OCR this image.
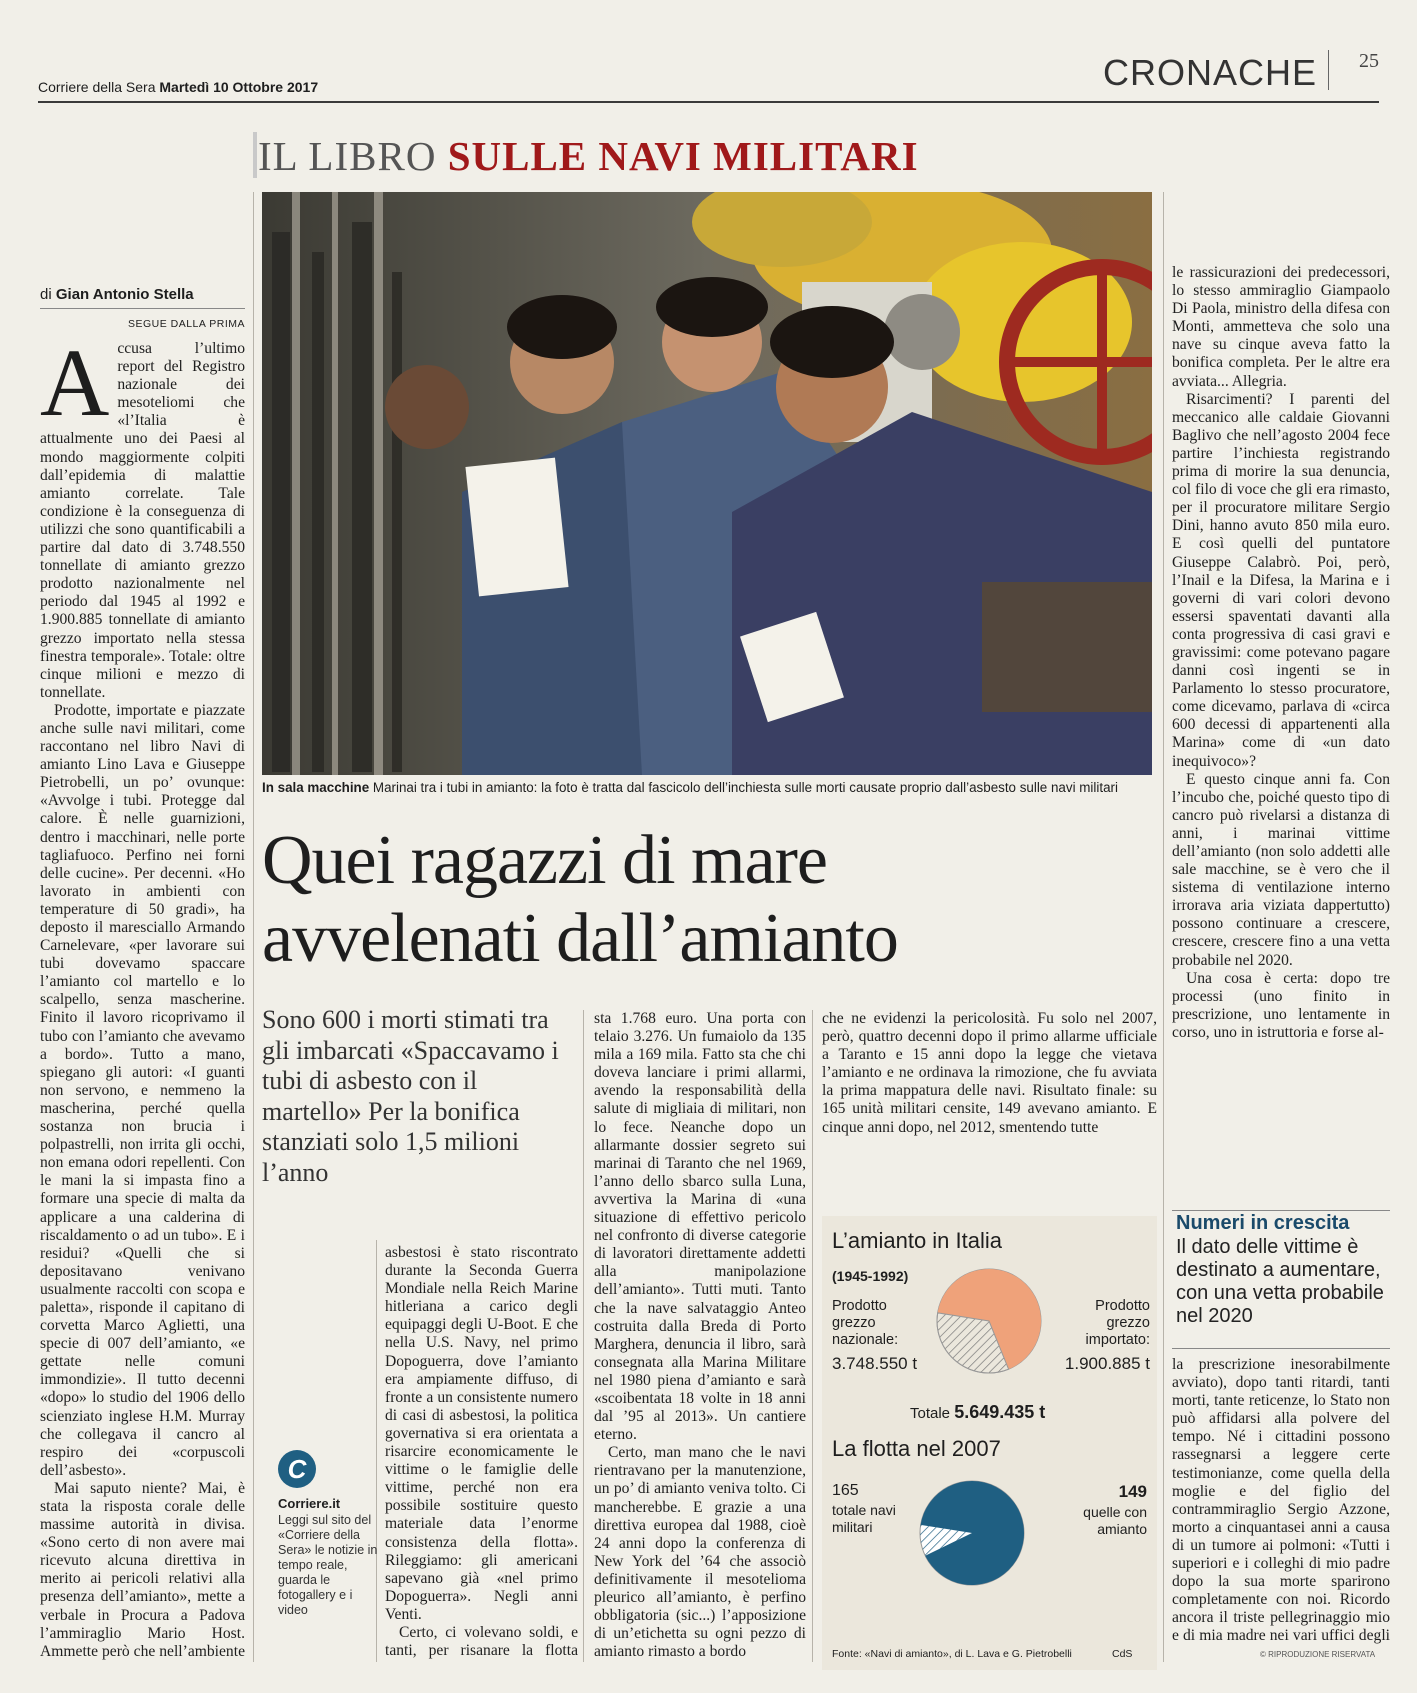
Corriere della Sera Martedì 10 Ottobre 2017	CRONACHE 25
IL LIBRO SULLE NAVI MILITARI
In sala macchine Marinai tra i tubi in amianto: la foto è tratta dal fascicolo dell’inchiesta sulle morti causate proprio dall’asbesto sulle navi militari
di Gian Antonio Stella
SEGUE DALLA PRIMA

Accusa l’ultimo report del Registro nazionale dei mesoteliomi che «l’Italia è attualmente uno dei Paesi al mondo maggiormente colpiti dall’epidemia di malattie amianto correlate. Tale condizione è la conseguenza di utilizzi che sono quantificabili a partire dal dato di 3.748.550 tonnellate di amianto grezzo prodotto nazionalmente nel periodo dal 1945 al 1992 e 1.900.885 tonnellate di amianto grezzo importato nella stessa finestra temporale». Totale: oltre cinque milioni e mezzo di tonnellate.

Prodotte, importate e piazzate anche sulle navi militari, come raccontano nel libro Navi di amianto Lino Lava e Giuseppe Pietrobelli, un po’ ovunque: «Avvolge i tubi. Protegge dal calore. È nelle guarnizioni, dentro i macchinari, nelle porte tagliafuoco. Perfino nei forni delle cucine». Per decenni. «Ho lavorato in ambienti con temperature di 50 gradi», ha deposto il maresciallo Armando Carnelevare, «per lavorare sui tubi dovevamo spaccare l’amianto col martello e lo scalpello, senza mascherine. Finito il lavoro ricoprivamo il tubo con l’amianto che avevamo a bordo». Tutto a mano, spiegano gli autori: «I guanti non servono, e nemmeno la mascherina, perché quella sostanza non brucia i polpastrelli, non irrita gli occhi, non emana odori repellenti. Con le mani la si impasta fino a formare una specie di malta da applicare a una calderina di riscaldamento o ad un tubo». E i residui? «Quelli che si depositavano venivano usualmente raccolti con scopa e paletta», risponde il capitano di corvetta Marco Aglietti, una specie di 007 dell’amianto, «e gettate nelle comuni immondizie». Il tutto decenni «dopo» lo studio del 1906 dello scienziato inglese H.M. Murray che collegava il cancro al respiro dei «corpuscoli dell’asbesto».

Mai saputo niente? Mai, è stata la risposta corale delle massime autorità in divisa. «Sono certo di non avere mai ricevuto alcuna direttiva in merito ai pericoli relativi alla presenza dell’amianto», mette a verbale in Procura a Padova l’ammiraglio Mario Host. Ammette però che nell’ambiente

Quei ragazzi di mare
avvelenati dall’amianto
Sono 600 i morti stimati tra gli imbarcati «Spaccavamo i tubi di asbesto con il martello» Per la bonifica stanziati solo 1,5 milioni l’anno

asbestosi è stato riscontrato durante la Seconda Guerra Mondiale nella Reich Marine hitleriana a carico degli equipaggi degli U-Boot. E che nella U.S. Navy, nel primo Dopoguerra, dove l’amianto era ampiamente diffuso, di fronte a un consistente numero di casi di asbestosi, la politica governativa si era orientata a risarcire economicamente le vittime o le famiglie delle vittime, perché non era possibile sostituire questo materiale data l’enorme consistenza della flotta». Rileggiamo: gli americani sapevano già «nel primo Dopoguerra». Negli anni Venti.

Certo, ci volevano soldi, e tanti, per risanare la flotta

C
Corriere.it
Leggi sul sito del «Corriere della Sera» le notizie in tempo reale, guarda le fotogallery e i video

sta 1.768 euro. Una porta con telaio 3.276. Un fumaiolo da 135 mila a 169 mila. Fatto sta che chi doveva lanciare i primi allarmi, avendo la responsabilità della salute di migliaia di militari, non lo fece. Neanche dopo un allarmante dossier segreto sui marinai di Taranto che nel 1969, l’anno dello sbarco sulla Luna, avvertiva la Marina di «una situazione di effettivo pericolo nel confronto di diverse categorie di lavoratori direttamente addetti alla manipolazione dell’amianto». Tutti muti. Tanto che la nave salvataggio Anteo costruita dalla Breda di Porto Marghera, denuncia il libro, sarà consegnata alla Marina Militare nel 1980 piena d’amianto e sarà «scoibentata 18 volte in 18 anni dal ’95 al 2013». Un cantiere eterno.

Certo, man mano che le navi rientravano per la manutenzione, un po’ di amianto veniva tolto. Ci mancherebbe. E grazie a una direttiva europea dal 1988, cioè 24 anni dopo la conferenza di New York del ’64 che associò definitivamente il mesotelioma pleurico all’amianto, è perfino obbligatoria (sic...) l’apposizione di un’etichetta su ogni pezzo di amianto rimasto a bordo

che ne evidenzi la pericolosità. Fu solo nel 2007, però, quattro decenni dopo il primo allarme ufficiale a Taranto e 15 anni dopo la legge che vietava l’amianto e ne ordinava la rimozione, che fu avviata la prima mappatura delle navi. Risultato finale: su 165 unità militari censite, 149 avevano amianto. E cinque anni dopo, nel 2012, smentendo tutte

L’amianto in Italia
(1945-1992)
Prodotto grezzo nazionale:
3.748.550 t
Prodotto grezzo importato:
1.900.885 t
Totale 5.649.435 t
La flotta nel 2007
165
totale navi militari
149
quelle con amianto
Fonte: «Navi di amianto», di L. Lava e G. Pietrobelli	CdS

le rassicurazioni dei predecessori, lo stesso ammiraglio Giampaolo Di Paola, ministro della difesa con Monti, ammetteva che solo una nave su cinque aveva fatto la bonifica completa. Per le altre era avviata... Allegria.

Risarcimenti? I parenti del meccanico alle caldaie Giovanni Baglivo che nell’agosto 2004 fece partire l’inchiesta registrando prima di morire la sua denuncia, col filo di voce che gli era rimasto, per il procuratore militare Sergio Dini, hanno avuto 850 mila euro. E così quelli del puntatore Giuseppe Calabrò. Poi, però, l’Inail e la Difesa, la Marina e i governi di vari colori devono essersi spaventati davanti alla conta progressiva di casi gravi e gravissimi: come potevano pagare danni così ingenti se in Parlamento lo stesso procuratore, come dicevamo, parlava di «circa 600 decessi di appartenenti alla Marina» come di «un dato inequivoco»?

E questo cinque anni fa. Con l’incubo che, poiché questo tipo di cancro può rivelarsi a distanza di anni, i marinai vittime dell’amianto (non solo addetti alle sale macchine, se è vero che il sistema di ventilazione interno irrorava aria viziata dappertutto) possono continuare a crescere, crescere, crescere fino a una vetta probabile nel 2020.

Una cosa è certa: dopo tre processi (uno finito in prescrizione, uno lentamente in corso, uno in istruttoria e forse al-

Numeri in crescita
Il dato delle vittime è destinato a aumentare, con una vetta probabile nel 2020

la prescrizione inesorabilmente avviato), dopo tanti ritardi, tanti morti, tante reticenze, lo Stato non può affidarsi alla polvere del tempo. Né i cittadini possono rassegnarsi a leggere certe testimonianze, come quella della moglie e del figlio del contrammiraglio Sergio Azzone, morto a cinquantasei anni a causa di un tumore ai polmoni: «Tutti i superiori e i colleghi di mio padre dopo la sua morte sparirono completamente con noi. Ricordo ancora il tristе pellegrinaggio mio e di mia madre nei vari uffici degli

© RIPRODUZIONE RISERVATA
